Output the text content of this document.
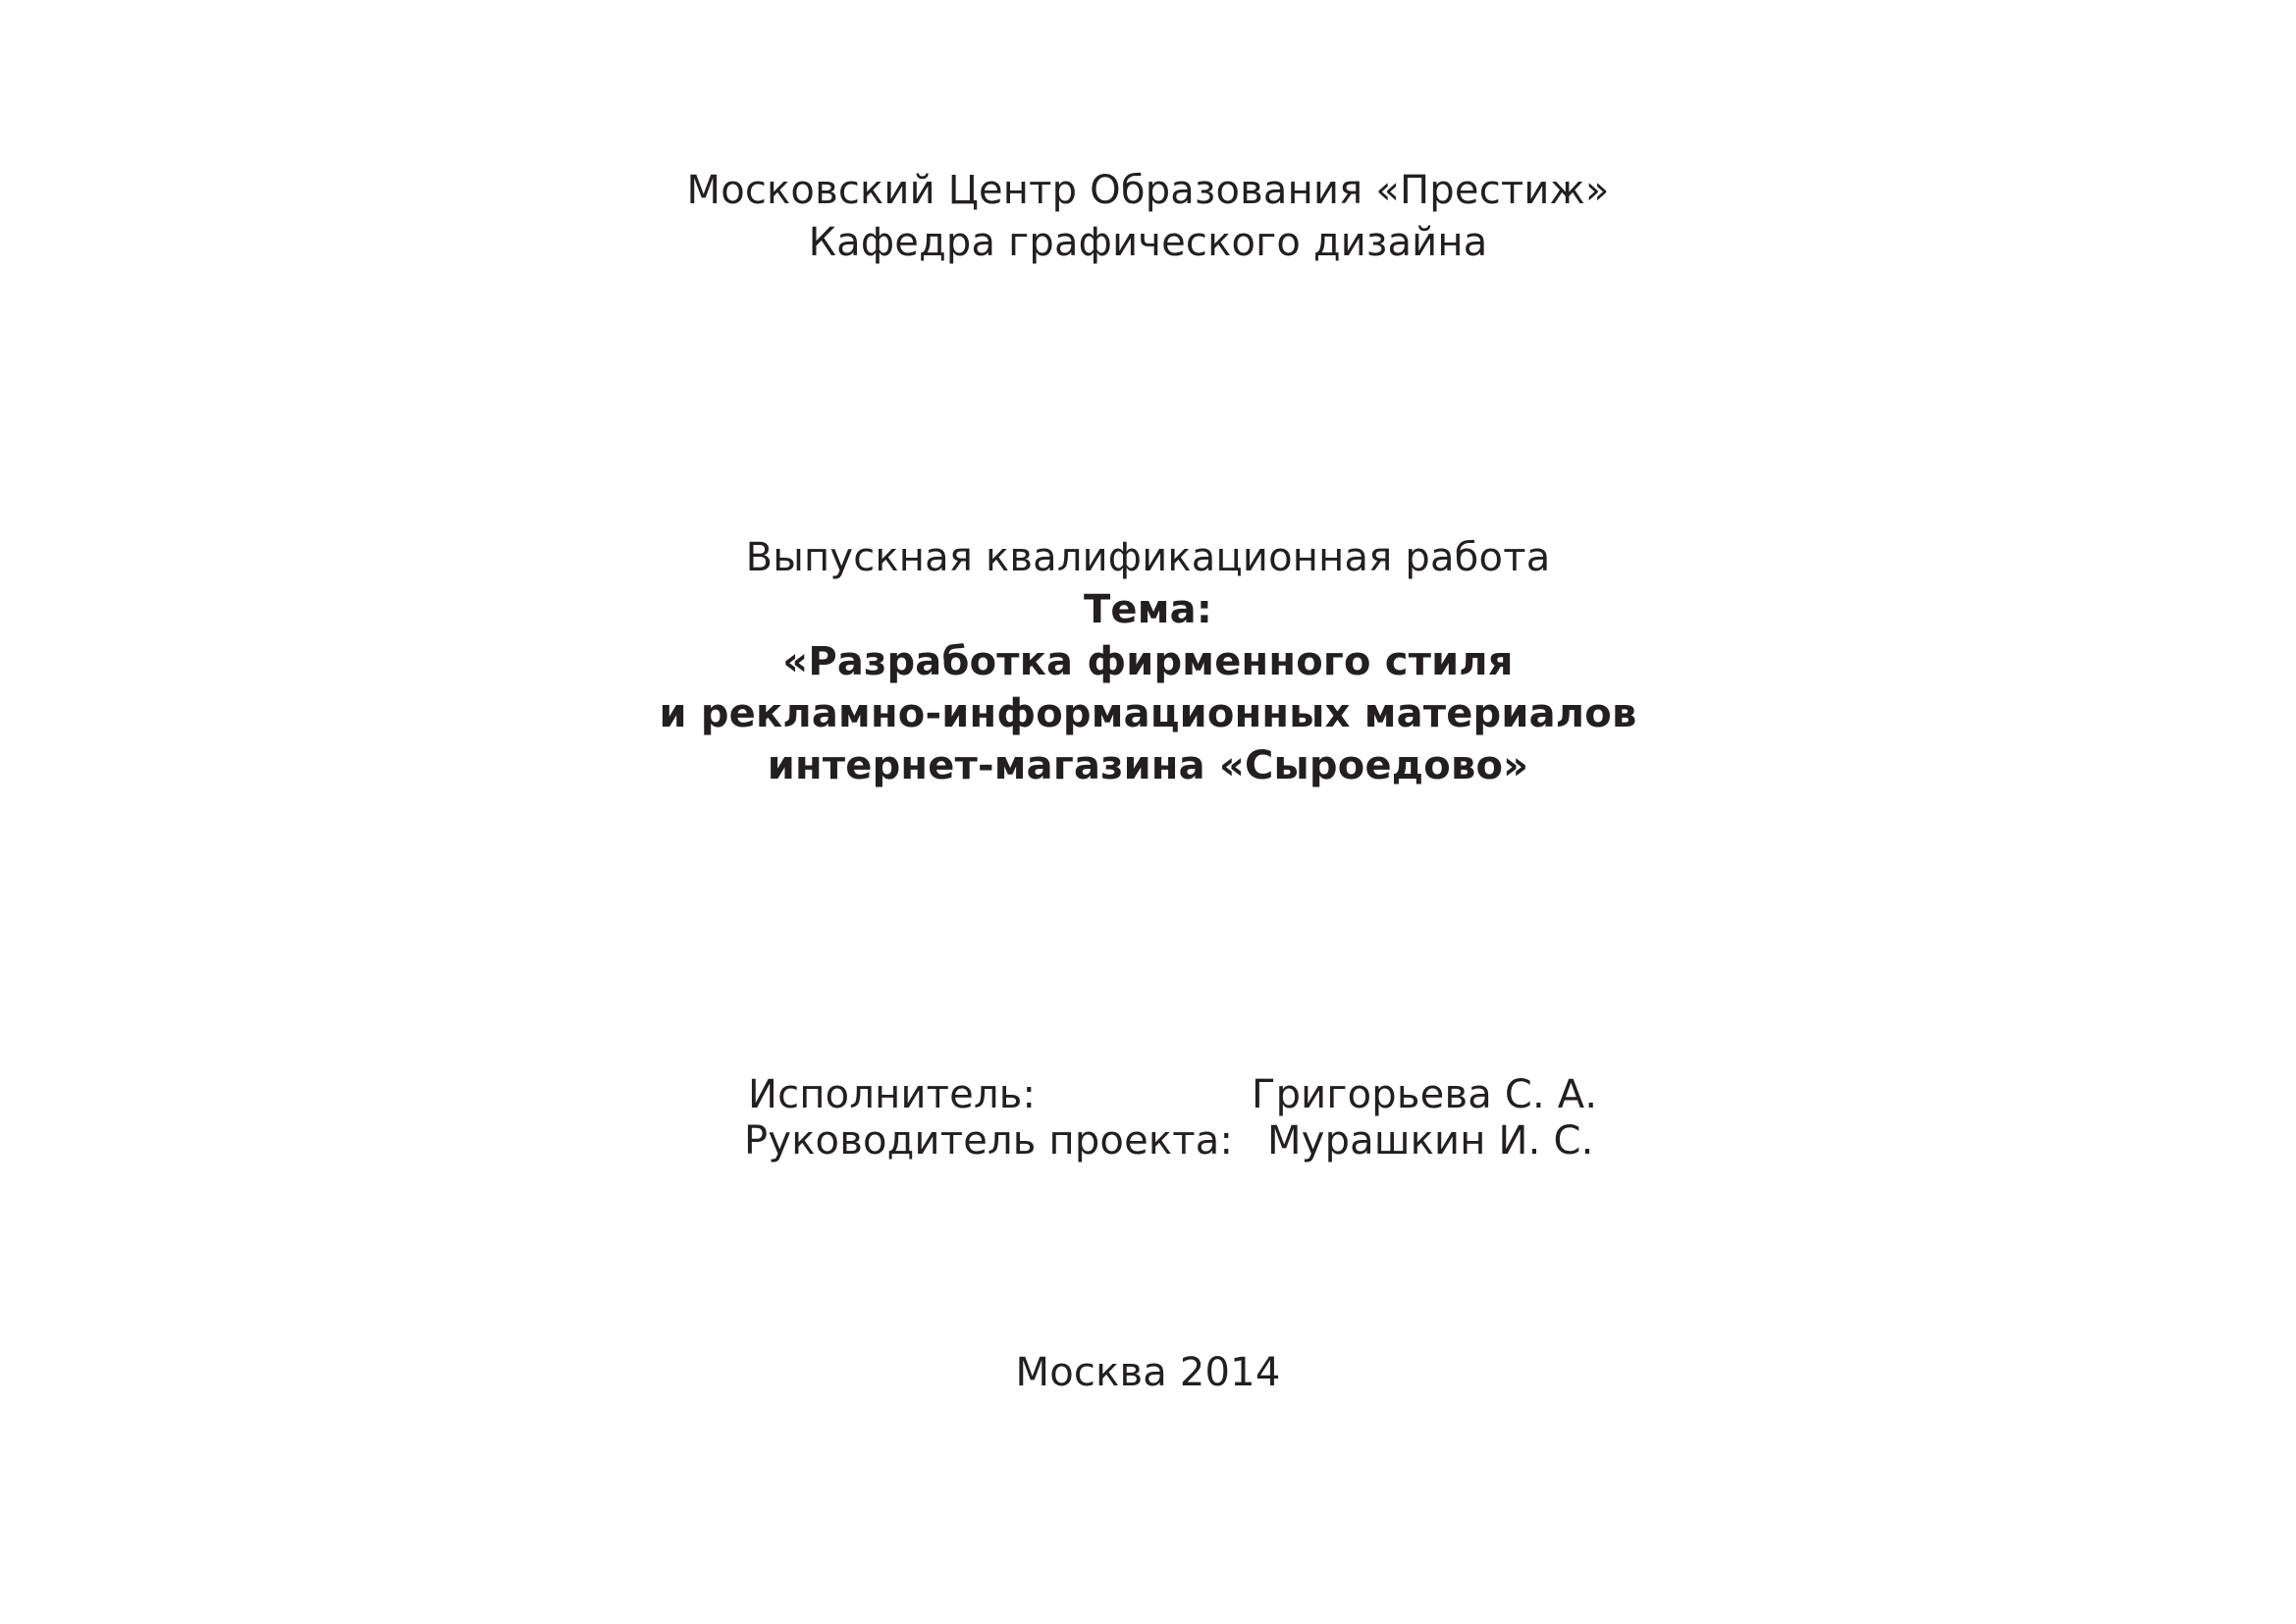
Московский Центр Образования «Престиж»
Кафедра графического дизайна
Выпускная квалификационная работа
Тема:
«Разработка фирменного стиля
и рекламно-информационных материалов
интернет-магазина «Сыроедово»
Исполнитель:	Григорьева С. А.
Руководитель проекта: Мурашкин И. С.
Москва 2014
